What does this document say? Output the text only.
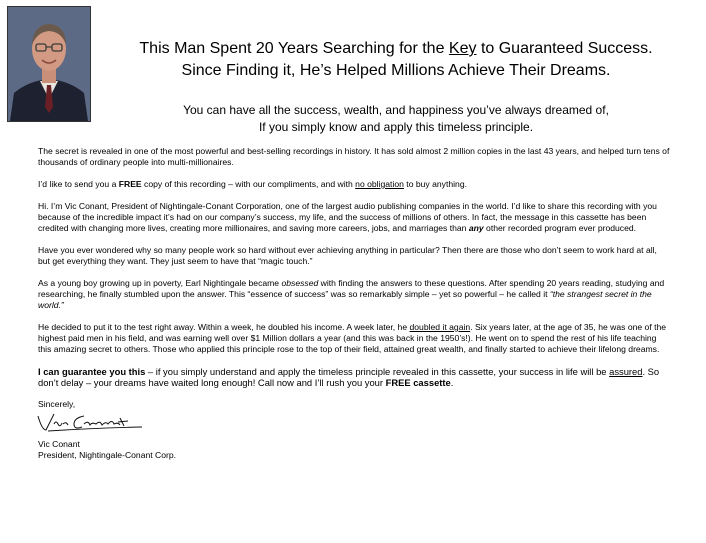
This Man Spent 20 Years Searching for the Key to Guaranteed Success.
Since Finding it, He’s Helped Millions Achieve Their Dreams.
You can have all the success, wealth, and happiness you’ve always dreamed of,
If you simply know and apply this timeless principle.

The secret is revealed in one of the most powerful and best-selling recordings in history. It has sold almost 2 million copies in the last 43 years, and helped turn tens of thousands of ordinary people into multi-millionaires.

I’d like to send you a FREE copy of this recording – with our compliments, and with no obligation to buy anything.

Hi. I’m Vic Conant, President of Nightingale-Conant Corporation, one of the largest audio publishing companies in the world. I’d like to share this recording with you because of the incredible impact it’s had on our company’s success, my life, and the success of millions of others. In fact, the message in this cassette has been credited with changing more lives, creating more millionaires, and saving more careers, jobs, and marriages than any other recorded program ever produced.

Have you ever wondered why so many people work so hard without ever achieving anything in particular? Then there are those who don’t seem to work hard at all, but get everything they want. They just seem to have that “magic touch.”

As a young boy growing up in poverty, Earl Nightingale became obsessed with finding the answers to these questions. After spending 20 years reading, studying and researching, he finally stumbled upon the answer. This “essence of success” was so remarkably simple – yet so powerful – he called it “the strangest secret in the world.”

He decided to put it to the test right away. Within a week, he doubled his income. A week later, he doubled it again. Six years later, at the age of 35, he was one of the highest paid men in his field, and was earning well over $1 Million dollars a year (and this was back in the 1950’s!). He went on to spend the rest of his life teaching this amazing secret to others. Those who applied this principle rose to the top of their field, attained great wealth, and finally started to achieve their lifelong dreams.

I can guarantee you this – if you simply understand and apply the timeless principle revealed in this cassette, your success in life will be assured. So don’t delay – your dreams have waited long enough! Call now and I’ll rush you your FREE cassette.

Sincerely,

Vic Conant
President, Nightingale-Conant Corp.
